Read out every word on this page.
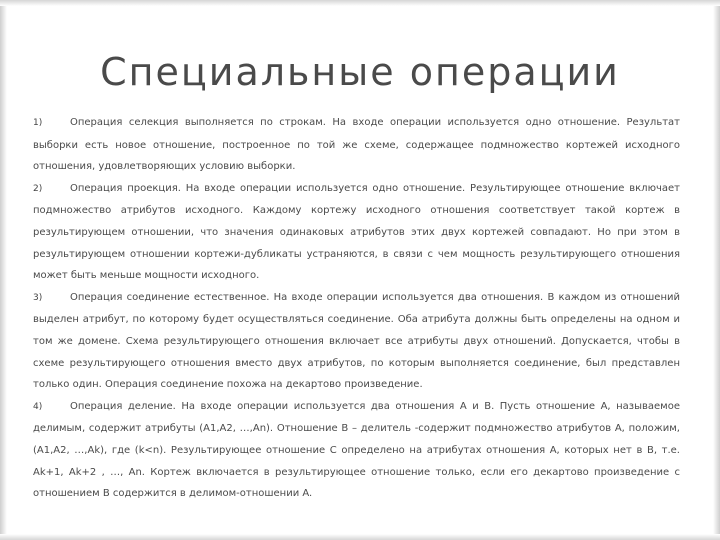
Специальные операции

1)	Операция селекция выполняется по строкам. На входе операции используется одно отношение. Результат выборки есть новое отношение, построенное по той же схеме, содержащее подмножество кортежей исходного отношения, удовлетворяющих условию выборки.

2)	Операция проекция. На входе операции используется одно отношение. Результирующее отношение включает подмножество атрибутов исходного. Каждому кортежу исходного отношения соответствует такой кортеж в результирующем отношении, что значения одинаковых атрибутов этих двух кортежей совпадают. Но при этом в результирующем отношении кортежи-дубликаты устраняются, в связи с чем мощность результирующего отношения может быть меньше мощности исходного.

3)	Операция соединение естественное. На входе операции используется два отношения. В каждом из отношений выделен атрибут, по которому будет осуществляться соединение. Оба атрибута должны быть определены на одном и том же домене. Схема результирующего отношения включает все атрибуты двух отношений. Допускается, чтобы в схеме результирующего отношения вместо двух атрибутов, по которым выполняется соединение, был представлен только один. Операция соединение похожа на декартово произведение.

4)	Операция деление. На входе операции используется два отношения A и B. Пусть отношение A, называемое делимым, содержит атрибуты (A1,A2, …,An). Отношение B – делитель -содержит подмножество атрибутов A, положим, (A1,A2, …,Ak), где (k<n). Результирующее отношение C определено на атрибутах отношения A, которых нет в B, т.е. Ak+1, Ak+2 , …, An. Кортеж включается в результирующее отношение только, если его декартово произведение с отношением B содержится в делимом-отношении A.
